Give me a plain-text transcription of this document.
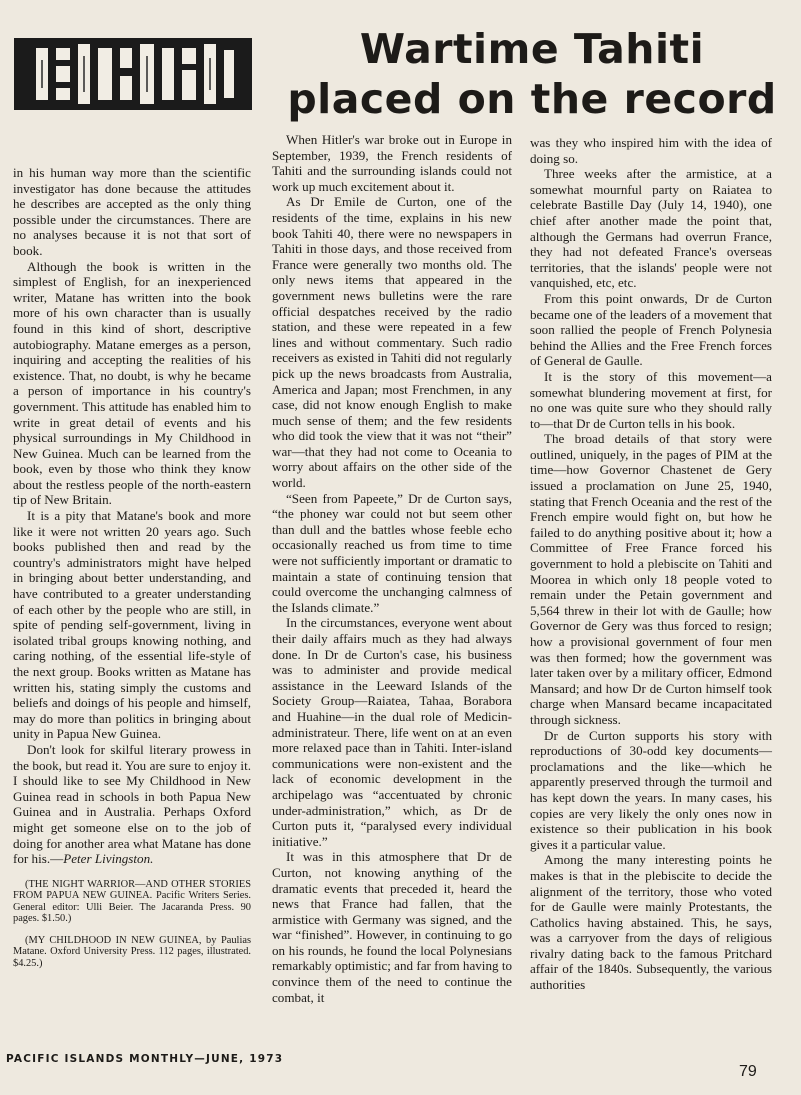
Wartime Tahiti placed on the record

in his human way more than the scientific investigator has done because the attitudes he describes are accepted as the only thing possible under the circumstances. There are no analyses because it is not that sort of book.

Although the book is written in the simplest of English, for an inexperienced writer, Matane has written into the book more of his own character than is usually found in this kind of short, descriptive autobiography. Matane emerges as a person, inquiring and accepting the realities of his existence. That, no doubt, is why he became a person of importance in his country's government. This attitude has enabled him to write in great detail of events and his physical surroundings in My Childhood in New Guinea. Much can be learned from the book, even by those who think they know about the restless people of the north-eastern tip of New Britain.

It is a pity that Matane's book and more like it were not written 20 years ago. Such books published then and read by the country's administrators might have helped in bringing about better understanding, and have contributed to a greater understanding of each other by the people who are still, in spite of pending self-government, living in isolated tribal groups knowing nothing, and caring nothing, of the essential life-style of the next group. Books written as Matane has written his, stating simply the customs and beliefs and doings of his people and himself, may do more than politics in bringing about unity in Papua New Guinea.

Don't look for skilful literary prowess in the book, but read it. You are sure to enjoy it. I should like to see My Childhood in New Guinea read in schools in both Papua New Guinea and in Australia. Perhaps Oxford might get someone else on to the job of doing for another area what Matane has done for his.—Peter Livingston.

(THE NIGHT WARRIOR—AND OTHER STORIES FROM PAPUA NEW GUINEA. Pacific Writers Series. General editor: Ulli Beier. The Jacaranda Press. 90 pages. $1.50.)

(MY CHILDHOOD IN NEW GUINEA, by Paulias Matane. Oxford University Press. 112 pages, illustrated. $4.25.)

When Hitler's war broke out in Europe in September, 1939, the French residents of Tahiti and the surrounding islands could not work up much excitement about it.

As Dr Emile de Curton, one of the residents of the time, explains in his new book Tahiti 40, there were no newspapers in Tahiti in those days, and those received from France were generally two months old. The only news items that appeared in the government news bulletins were the rare official despatches received by the radio station, and these were repeated in a few lines and without commentary. Such radio receivers as existed in Tahiti did not regularly pick up the news broadcasts from Australia, America and Japan; most Frenchmen, in any case, did not know enough English to make much sense of them; and the few residents who did took the view that it was not “their” war—that they had not come to Oceania to worry about affairs on the other side of the world.

“Seen from Papeete,” Dr de Curton says, “the phoney war could not but seem other than dull and the battles whose feeble echo occasionally reached us from time to time were not sufficiently important or dramatic to maintain a state of continuing tension that could overcome the unchanging calmness of the Islands climate.”

In the circumstances, everyone went about their daily affairs much as they had always done. In Dr de Curton's case, his business was to administer and provide medical assistance in the Leeward Islands of the Society Group—Raiatea, Tahaa, Borabora and Huahine—in the dual role of Medicin-administrateur. There, life went on at an even more relaxed pace than in Tahiti. Inter-island communications were non-existent and the lack of economic development in the archipelago was “accentuated by chronic under-administration,” which, as Dr de Curton puts it, “paralysed every individual initiative.”

It was in this atmosphere that Dr de Curton, not knowing anything of the dramatic events that preceded it, heard the news that France had fallen, that the armistice with Germany was signed, and the war “finished”. However, in continuing to go on his rounds, he found the local Polynesians remarkably optimistic; and far from having to convince them of the need to continue the combat, it

was they who inspired him with the idea of doing so.

Three weeks after the armistice, at a somewhat mournful party on Raiatea to celebrate Bastille Day (July 14, 1940), one chief after another made the point that, although the Germans had overrun France, they had not defeated France's overseas territories, that the islands' people were not vanquished, etc, etc.

From this point onwards, Dr de Curton became one of the leaders of a movement that soon rallied the people of French Polynesia behind the Allies and the Free French forces of General de Gaulle.

It is the story of this movement—a somewhat blundering movement at first, for no one was quite sure who they should rally to—that Dr de Curton tells in his book.

The broad details of that story were outlined, uniquely, in the pages of PIM at the time—how Governor Chastenet de Gery issued a proclamation on June 25, 1940, stating that French Oceania and the rest of the French empire would fight on, but how he failed to do anything positive about it; how a Committee of Free France forced his government to hold a plebiscite on Tahiti and Moorea in which only 18 people voted to remain under the Petain government and 5,564 threw in their lot with de Gaulle; how Governor de Gery was thus forced to resign; how a provisional government of four men was then formed; how the government was later taken over by a military officer, Edmond Mansard; and how Dr de Curton himself took charge when Mansard became incapacitated through sickness.

Dr de Curton supports his story with reproductions of 30-odd key documents—proclamations and the like—which he apparently preserved through the turmoil and has kept down the years. In many cases, his copies are very likely the only ones now in existence so their publication in his book gives it a particular value.

Among the many interesting points he makes is that in the plebiscite to decide the alignment of the territory, those who voted for de Gaulle were mainly Protestants, the Catholics having abstained. This, he says, was a carryover from the days of religious rivalry dating back to the famous Pritchard affair of the 1840s. Subsequently, the various authorities

PACIFIC ISLANDS MONTHLY—JUNE, 1973
79
